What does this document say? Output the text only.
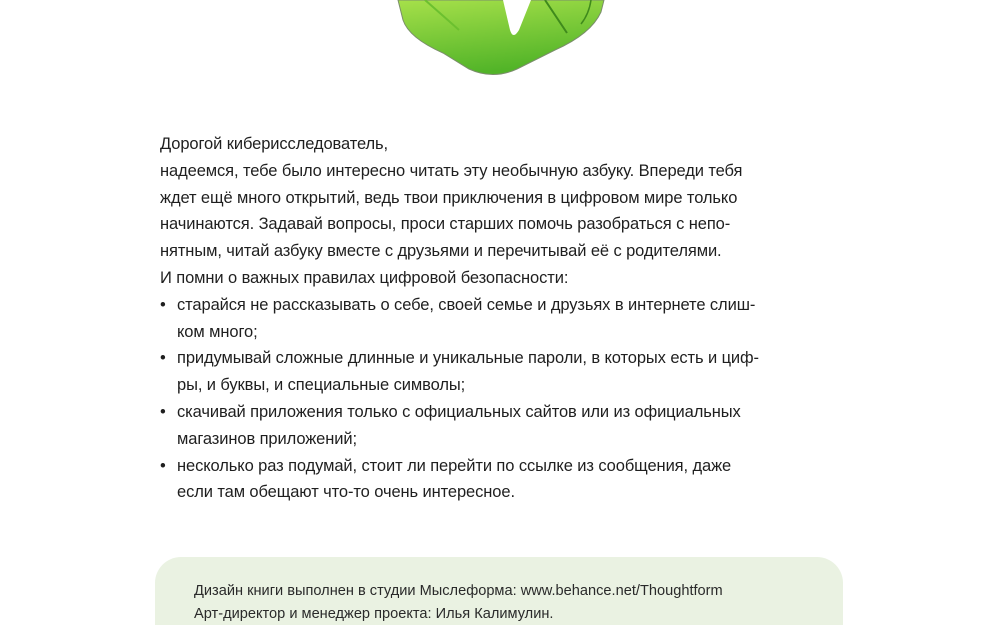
Дорогой киберисследователь,

надеемся, тебе было интересно читать эту необычную азбуку. Впереди тебя

ждет ещё много открытий, ведь твои приключения в цифровом мире только

начинаются. Задавай вопросы, проси старших помочь разобраться с непо-

нятным, читай азбуку вместе с друзьями и перечитывай её с родителями.

И помни о важных правилах цифровой безопасности:

• старайся не рассказывать о себе, своей семье и друзьях в интернете слиш-
ком много;
• придумывай сложные длинные и уникальные пароли, в которых есть и циф-
ры, и буквы, и специальные символы;
• скачивай приложения только с официальных сайтов или из официальных
магазинов приложений;
• несколько раз подумай, стоит ли перейти по ссылке из сообщения, даже
если там обещают что-то очень интересное.

Дизайн книги выполнен в студии Мыслеформа: www.behance.net/Thoughtform

Арт-директор и менеджер проекта: Илья Калимулин.
